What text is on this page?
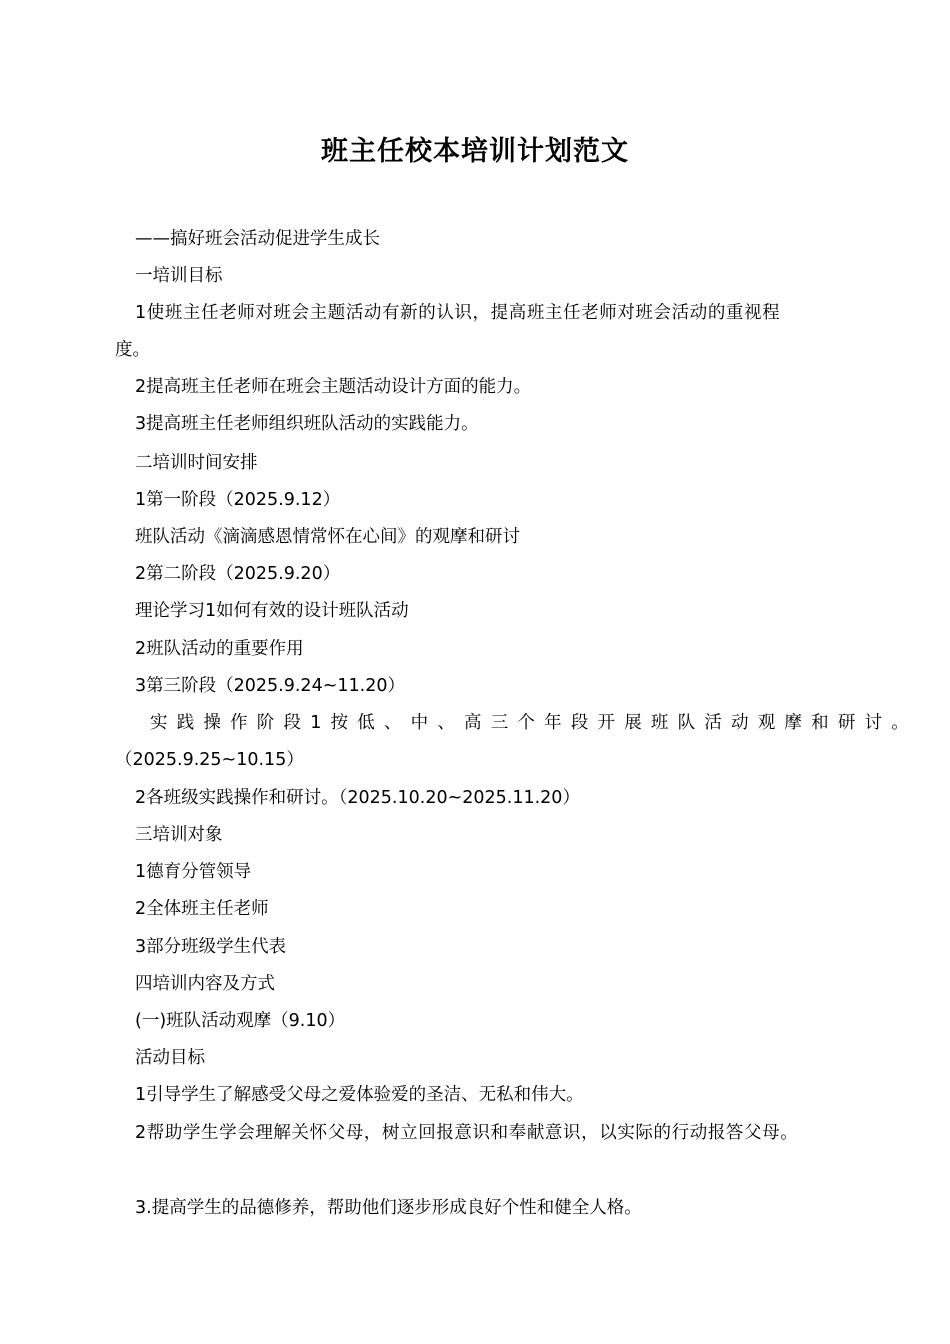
班主任校本培训计划范文
——搞好班会活动促进学生成长
一培训目标
1使班主任老师对班会主题活动有新的认识，提高班主任老师对班会活动的重视程
度。
2提高班主任老师在班会主题活动设计方面的能力。
3提高班主任老师组织班队活动的实践能力。
二培训时间安排
1第一阶段（2025.9.12）
班队活动《滴滴感恩情常怀在心间》的观摩和研讨
2第二阶段（2025.9.20）
理论学习1如何有效的设计班队活动
2班队活动的重要作用
3第三阶段（2025.9.24~11.20）
实践操作阶段1按低、中、高三个年段开展班队活动观摩和研讨。
（2025.9.25~10.15）
2各班级实践操作和研讨。（2025.10.20~2025.11.20）
三培训对象
1德育分管领导
2全体班主任老师
3部分班级学生代表
四培训内容及方式
(一)班队活动观摩（9.10）
活动目标
1引导学生了解感受父母之爱体验爱的圣洁、无私和伟大。
2帮助学生学会理解关怀父母，树立回报意识和奉献意识，以实际的行动报答父母。
3.提高学生的品德修养，帮助他们逐步形成良好个性和健全人格。
